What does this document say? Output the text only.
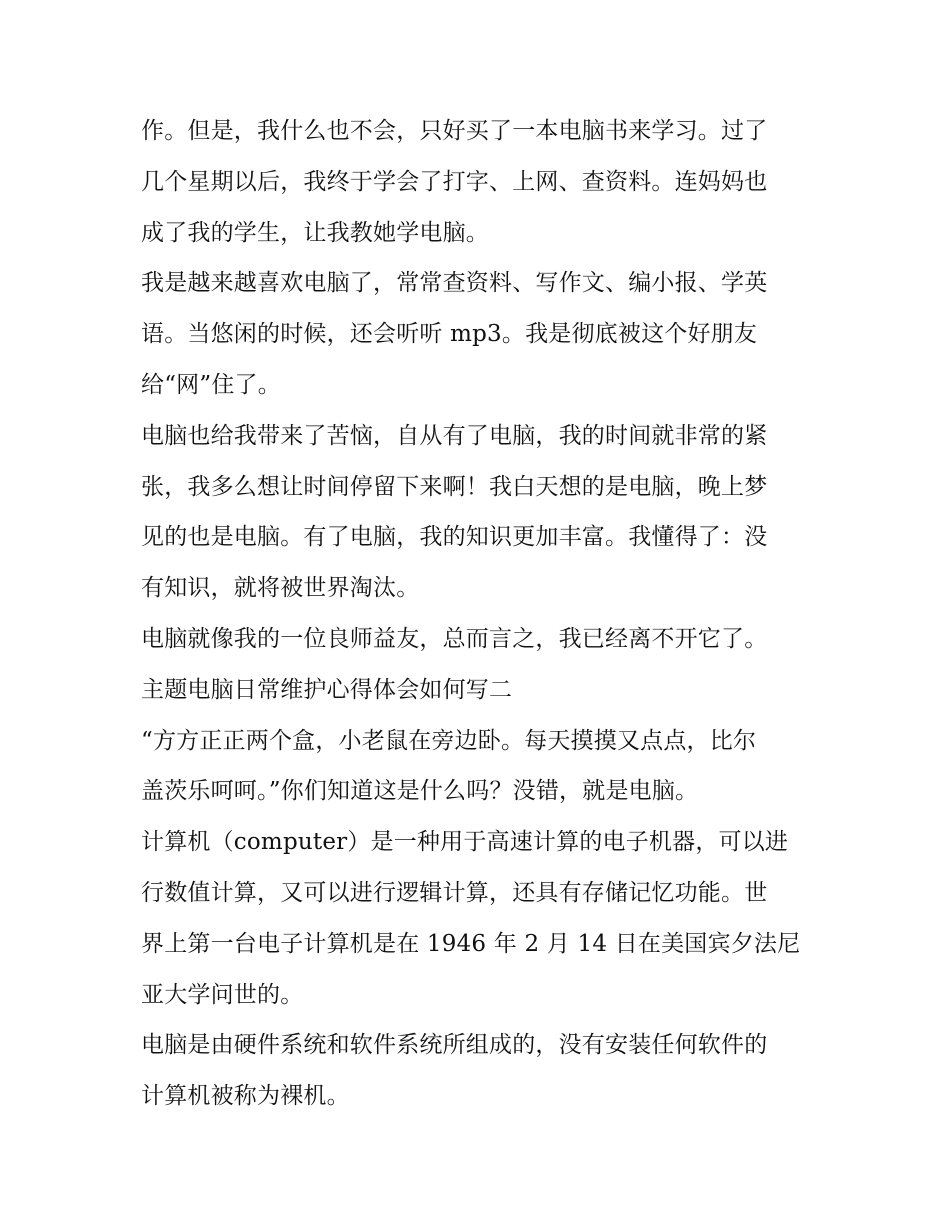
作。但是，我什么也不会，只好买了一本电脑书来学习。过了
几个星期以后，我终于学会了打字、上网、查资料。连妈妈也
成了我的学生，让我教她学电脑。

我是越来越喜欢电脑了，常常查资料、写作文、编小报、学英
语。当悠闲的时候，还会听听 mp3。我是彻底被这个好朋友
给“网”住了。

电脑也给我带来了苦恼，自从有了电脑，我的时间就非常的紧
张，我多么想让时间停留下来啊！我白天想的是电脑，晚上梦
见的也是电脑。有了电脑，我的知识更加丰富。我懂得了：没
有知识，就将被世界淘汰。

电脑就像我的一位良师益友，总而言之，我已经离不开它了。

主题电脑日常维护心得体会如何写二

“方方正正两个盒，小老鼠在旁边卧。每天摸摸又点点，比尔
盖茨乐呵呵。”你们知道这是什么吗？没错，就是电脑。

计算机（computer）是一种用于高速计算的电子机器，可以进
行数值计算，又可以进行逻辑计算，还具有存储记忆功能。世
界上第一台电子计算机是在 1946 年 2 月 14 日在美国宾夕法尼
亚大学问世的。

电脑是由硬件系统和软件系统所组成的，没有安装任何软件的
计算机被称为裸机。
